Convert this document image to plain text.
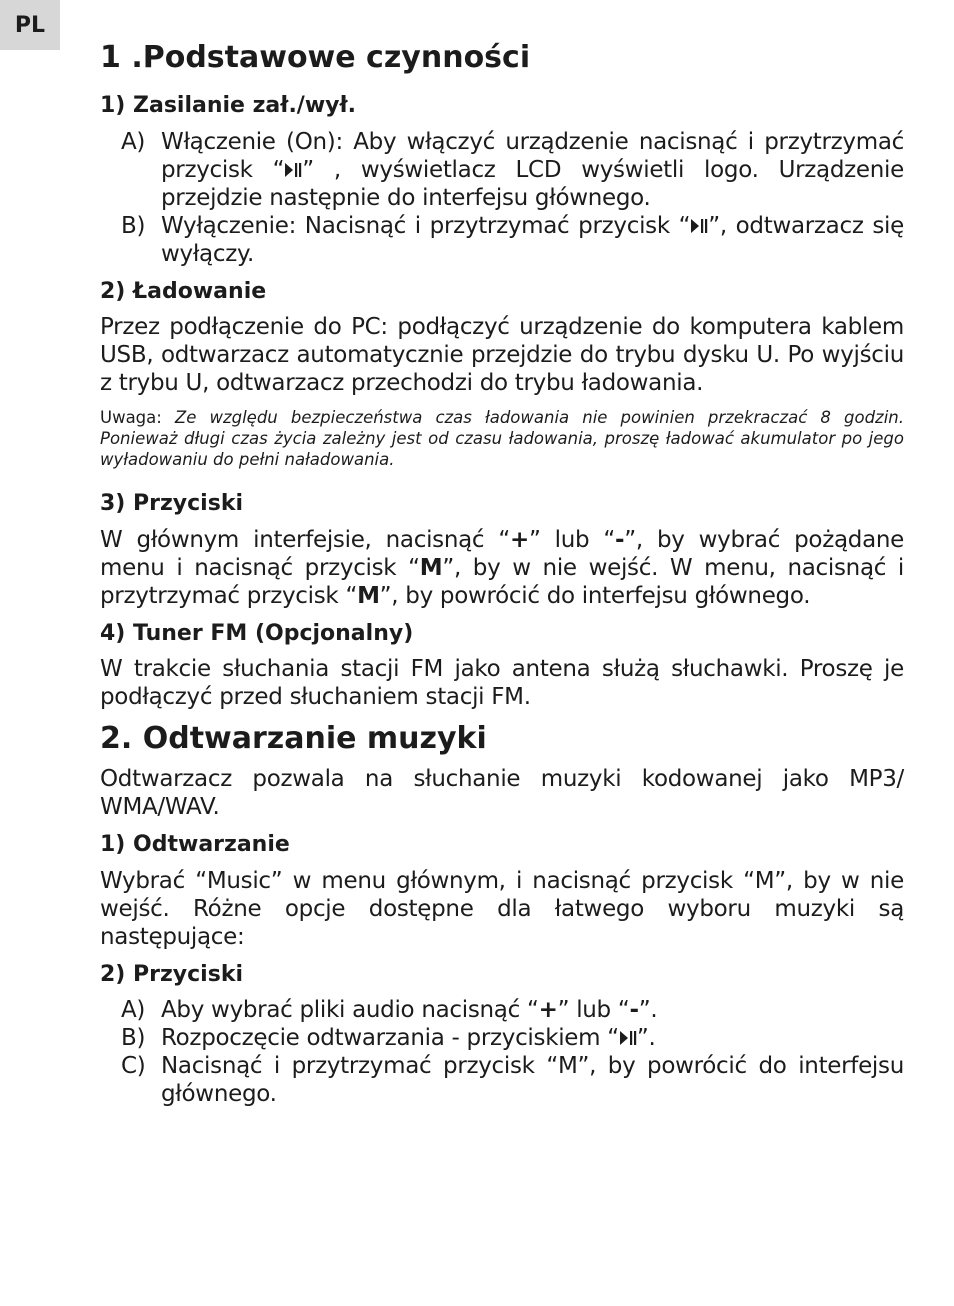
PL
1 .Podstawowe czynności
1) Zasilanie zał./wył.
A) Włączenie (On): Aby włączyć urządzenie nacisnąć i przytrzymać przycisk “ ” , wyświetlacz LCD wyświetli logo. Urządzenie przejdzie następnie do interfejsu głównego.
B) Wyłączenie: Nacisnąć i przytrzymać przycisk “ ”, odtwarzacz się wyłączy.
2) Ładowanie
Przez podłączenie do PC: podłączyć urządzenie do komputera kablem USB, odtwarzacz automatycznie przejdzie do trybu dysku U. Po wyjściu z trybu U, odtwarzacz przechodzi do trybu ładowania.
Uwaga: Ze względu bezpieczeństwa czas ładowania nie powinien przekraczać 8 godzin. Ponieważ długi czas życia zależny jest od czasu ładowania, proszę ładować akumulator po jego wyładowaniu do pełni naładowania.
3) Przyciski
W głównym interfejsie, nacisnąć “+” lub “-”, by wybrać pożądane menu i nacisnąć przycisk “M”, by w nie wejść. W menu, nacisnąć i przytrzymać przycisk “M”, by powrócić do interfejsu głównego.
4) Tuner FM (Opcjonalny)
W trakcie słuchania stacji FM jako antena służą słuchawki. Proszę je podłączyć przed słuchaniem stacji FM.
2. Odtwarzanie muzyki
Odtwarzacz pozwala na słuchanie muzyki kodowanej jako MP3/ WMA/WAV.
1) Odtwarzanie
Wybrać “Music” w menu głównym, i nacisnąć przycisk “M”, by w nie wejść. Różne opcje dostępne dla łatwego wyboru muzyki są następujące:
2) Przyciski
A) Aby wybrać pliki audio nacisnąć “+” lub “-”.
B) Rozpoczęcie odtwarzania - przyciskiem “ ”.
C) Nacisnąć i przytrzymać przycisk “M”, by powrócić do interfejsu głównego.
